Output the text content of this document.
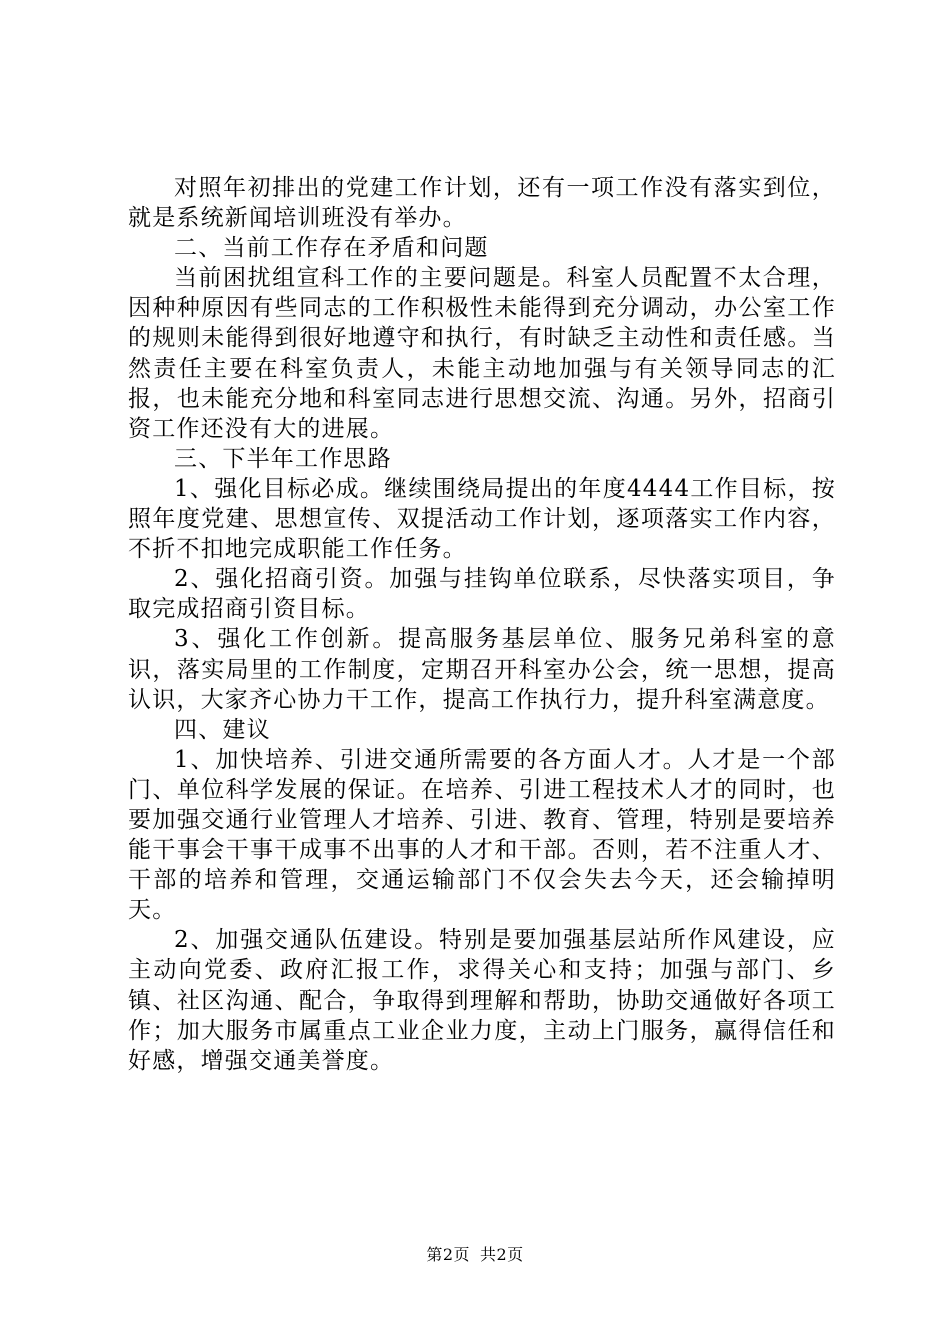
对照年初排出的党建工作计划，还有一项工作没有落实到位，就是系统新闻培训班没有举办。

二、当前工作存在矛盾和问题

当前困扰组宣科工作的主要问题是。科室人员配置不太合理，因种种原因有些同志的工作积极性未能得到充分调动，办公室工作的规则未能得到很好地遵守和执行，有时缺乏主动性和责任感。当然责任主要在科室负责人，未能主动地加强与有关领导同志的汇报，也未能充分地和科室同志进行思想交流、沟通。另外，招商引资工作还没有大的进展。

三、下半年工作思路

1、强化目标必成。继续围绕局提出的年度4444工作目标，按照年度党建、思想宣传、双提活动工作计划，逐项落实工作内容，不折不扣地完成职能工作任务。

2、强化招商引资。加强与挂钩单位联系，尽快落实项目，争取完成招商引资目标。

3、强化工作创新。提高服务基层单位、服务兄弟科室的意识，落实局里的工作制度，定期召开科室办公会，统一思想，提高认识，大家齐心协力干工作，提高工作执行力，提升科室满意度。

四、建议

1、加快培养、引进交通所需要的各方面人才。人才是一个部门、单位科学发展的保证。在培养、引进工程技术人才的同时，也要加强交通行业管理人才培养、引进、教育、管理，特别是要培养能干事会干事干成事不出事的人才和干部。否则，若不注重人才、干部的培养和管理，交通运输部门不仅会失去今天，还会输掉明天。

2、加强交通队伍建设。特别是要加强基层站所作风建设，应主动向党委、政府汇报工作，求得关心和支持；加强与部门、乡镇、社区沟通、配合，争取得到理解和帮助，协助交通做好各项工作；加大服务市属重点工业企业力度，主动上门服务，赢得信任和好感，增强交通美誉度。

第2页 共2页
